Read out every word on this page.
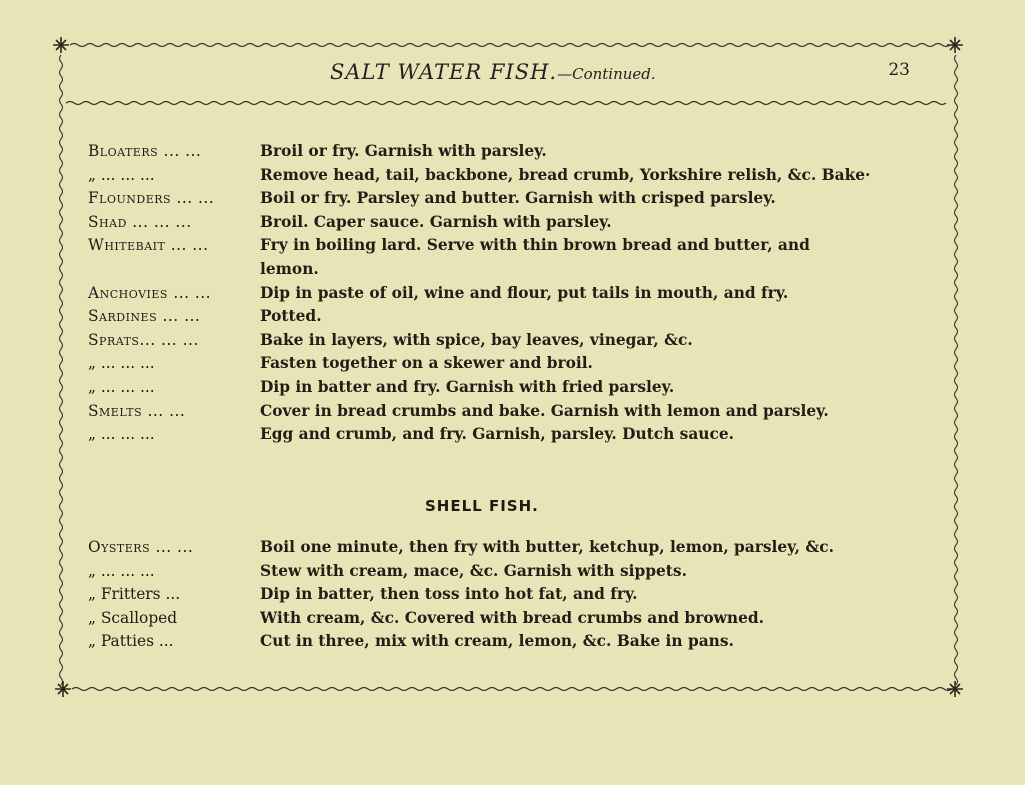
SALT WATER FISH.—Continued.	23
Bloaters ... ...	Broil or fry. Garnish with parsley.
„ ... ... ...	Remove head, tail, backbone, bread crumb, Yorkshire relish, &c. Bake·
Flounders ... ...	Boil or fry. Parsley and butter. Garnish with crisped parsley.
Shad ... ... ...	Broil. Caper sauce. Garnish with parsley.
Whitebait ... ...	Fry in boiling lard. Serve with thin brown bread and butter, and
lemon.
Anchovies ... ...	Dip in paste of oil, wine and flour, put tails in mouth, and fry.
Sardines ... ...	Potted.
Sprats... ... ...	Bake in layers, with spice, bay leaves, vinegar, &c.
„ ... ... ...	Fasten together on a skewer and broil.
„ ... ... ...	Dip in batter and fry. Garnish with fried parsley.
Smelts ... ...	Cover in bread crumbs and bake. Garnish with lemon and parsley.
„ ... ... ...	Egg and crumb, and fry. Garnish, parsley. Dutch sauce.
SHELL FISH.
Oysters ... ...	Boil one minute, then fry with butter, ketchup, lemon, parsley, &c.
„ ... ... ...	Stew with cream, mace, &c. Garnish with sippets.
„ Fritters ...	Dip in batter, then toss into hot fat, and fry.
„ Scalloped	With cream, &c. Covered with bread crumbs and browned.
„ Patties ...	Cut in three, mix with cream, lemon, &c. Bake in pans.
